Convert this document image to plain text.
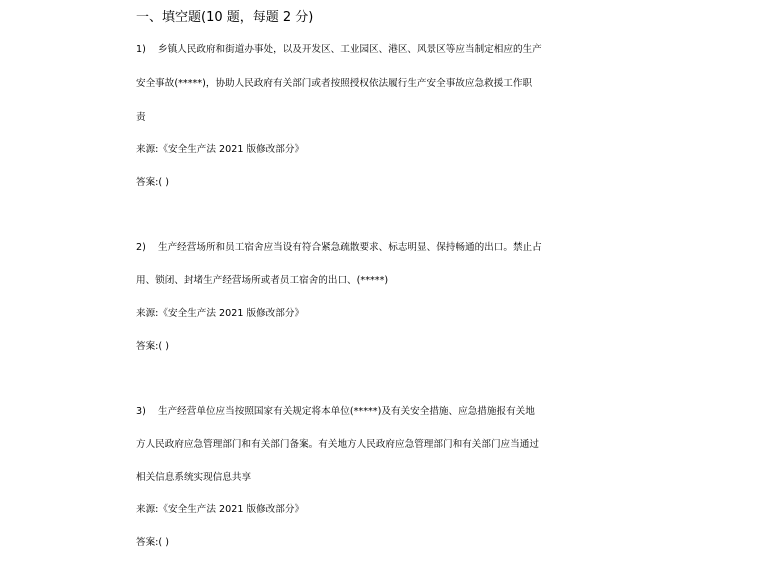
一、填空题(10 题，每题 2 分)
1) 乡镇人民政府和街道办事处，以及开发区、工业园区、港区、风景区等应当制定相应的生产
安全事故(*****)，协助人民政府有关部门或者按照授权依法履行生产安全事故应急救援工作职
责
来源:《安全生产法 2021 版修改部分》
答案:( )
2) 生产经营场所和员工宿舍应当设有符合紧急疏散要求、标志明显、保持畅通的出口。禁止占
用、锁闭、封堵生产经营场所或者员工宿舍的出口、(*****)
来源:《安全生产法 2021 版修改部分》
答案:( )
3) 生产经营单位应当按照国家有关规定将本单位(*****)及有关安全措施、应急措施报有关地
方人民政府应急管理部门和有关部门备案。有关地方人民政府应急管理部门和有关部门应当通过
相关信息系统实现信息共享
来源:《安全生产法 2021 版修改部分》
答案:( )
